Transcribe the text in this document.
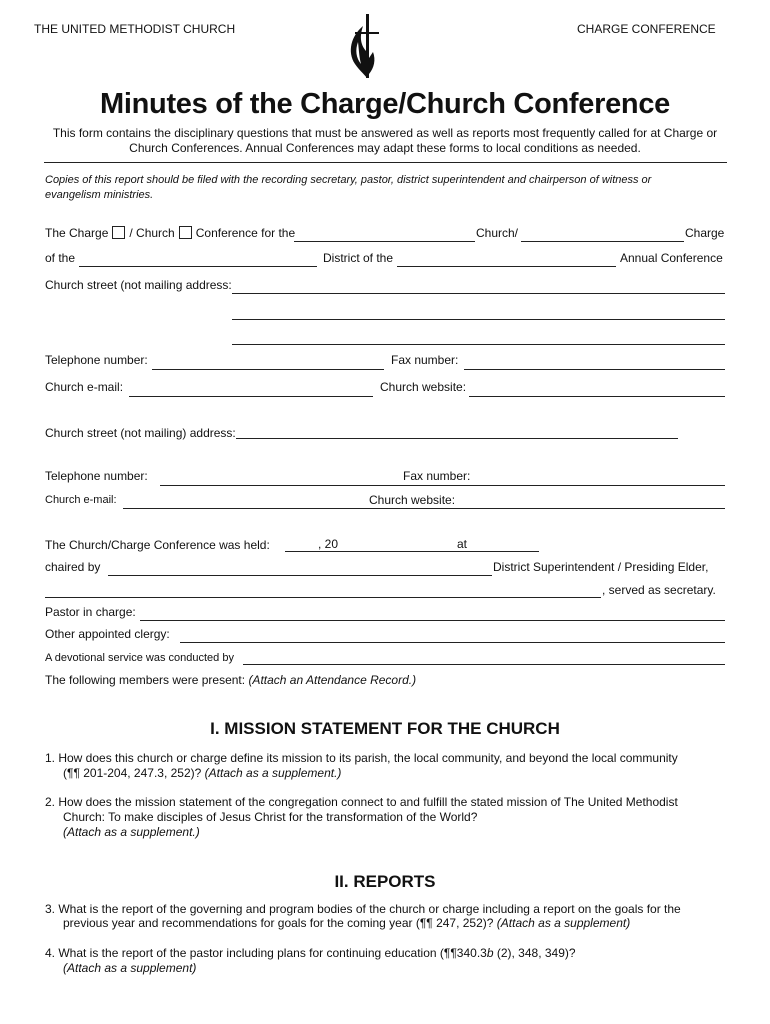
THE UNITED METHODIST CHURCH	CHARGE CONFERENCE
Minutes of the Charge/Church Conference
This form contains the disciplinary questions that must be answered as well as reports most frequently called for at Charge or
Church Conferences. Annual Conferences may adapt these forms to local conditions as needed.
Copies of this report should be filed with the recording secretary, pastor, district superintendent and chairperson of witness or
evangelism ministries.
The Charge / Church Conference for the	Church/	Charge
of the	District of the	Annual Conference
Church street (not mailing address:
Telephone number:	Fax number:
Church e-mail:	Church website:
Church street (not mailing) address:
Telephone number:	Fax number:
Church e-mail:	Church website:
The Church/Charge Conference was held:	, 20	at
chaired by	District Superintendent / Presiding Elder,
, served as secretary.
Pastor in charge:
Other appointed clergy:
A devotional service was conducted by
The following members were present: (Attach an Attendance Record.)
I. MISSION STATEMENT FOR THE CHURCH
1. How does this church or charge define its mission to its parish, the local community, and beyond the local community
(¶¶ 201-204, 247.3, 252)? (Attach as a supplement.)
2. How does the mission statement of the congregation connect to and fulfill the stated mission of The United Methodist
Church: To make disciples of Jesus Christ for the transformation of the World?
(Attach as a supplement.)
II. REPORTS
3. What is the report of the governing and program bodies of the church or charge including a report on the goals for the
previous year and recommendations for goals for the coming year (¶¶ 247, 252)? (Attach as a supplement)
4. What is the report of the pastor including plans for continuing education (¶¶340.3b (2), 348, 349)?
(Attach as a supplement)
